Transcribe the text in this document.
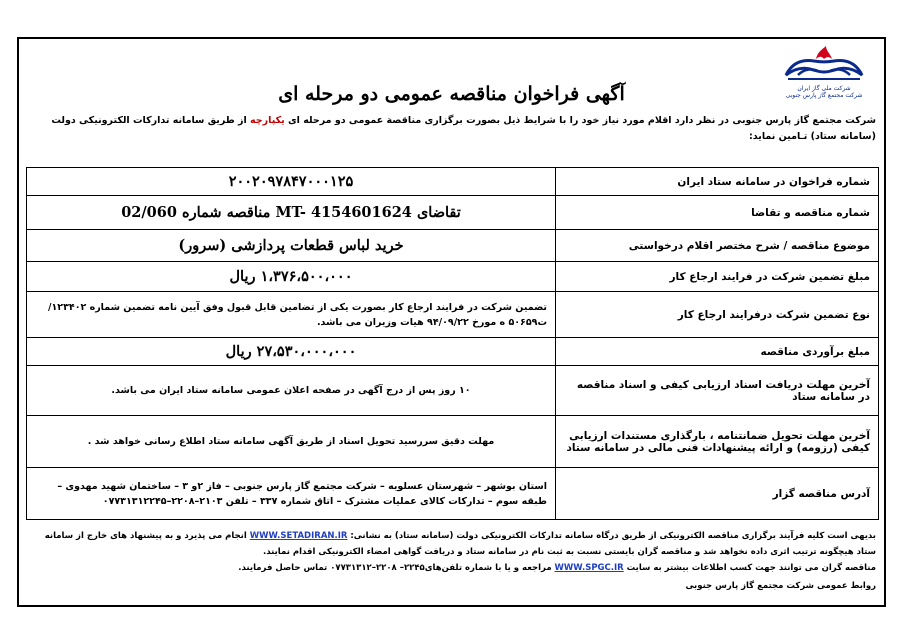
شرکت ملی گاز ایران
شرکت مجتمع گاز پارس جنوبی
آگهی فراخوان مناقصه عمومی دو مرحله ای
شرکت مجتمع گاز پارس جنوبی در نظر دارد اقلام مورد نیاز خود را با شرایط ذیل بصورت برگزاری مناقصة عمومی دو مرحله ای یکپارچه از طریق سامانه تدارکات الکترونیکی دولت (سامانه ستاد) تـامین نماید:
شماره فراخوان در سامانه ستاد ایران	۲۰۰۲۰۹۷۸۴۷۰۰۰۱۲۵
شماره مناقصه و تقاضا	تقاضای MT- 4154601624 مناقصه شماره 02/060
موضوع مناقصه / شرح مختصر اقلام درخواستی	خرید لباس قطعات پردازشی (سرور)
مبلغ تضمین شرکت در فرایند ارجاع کار	۱،۳۷۶،۵۰۰،۰۰۰ ریال
نوع تضمین شرکت درفرایند ارجاع کار	تضمین شرکت در فرایند ارجاع کار بصورت یکی از تضامین قابل قبول وفق آیین نامه تضمین شماره ۱۲۳۴۰۲/ت۵۰۶۵۹ ه مورخ ۹۴/۰۹/۲۲ هیات وزیران می باشد.
مبلغ برآوردی مناقصه	۲۷،۵۳۰،۰۰۰،۰۰۰ ریال
آخرین مهلت دریافت اسناد ارزیابی کیفی و اسناد مناقصه در سامانه ستاد	۱۰ روز پس از درج آگهی در صفحه اعلان عمومی سامانه ستاد ایران می باشد.
آخرین مهلت تحویل ضمانتنامه ، بارگذاری مستندات ارزیابی کیفی (رزومه) و ارائه پیشنهادات فنی مالی در سامانه ستاد	مهلت دقیق سررسید تحویل اسناد از طریق آگهی سامانه ستاد اطلاع رسانی خواهد شد .
آدرس مناقصه گزار	استان بوشهر – شهرستان عسلویه – شرکت مجتمع گاز پارس جنوبی – فاز ۲و ۳ – ساختمان شهید مهدوی –طبقه سوم – تدارکات کالای عملیات مشترک – اتاق شماره ۳۳۷ – تلفن ۲۱۰۳–۲۲۰۸–۰۷۷۳۱۳۱۲۲۴۵
بدیهی است کلیه فرآیند برگزاری مناقصه الکترونیکی از طریق درگاه سامانه تدارکات الکترونیکی دولت (سامانه ستاد) به نشانی: WWW.SETADIRAN.IR انجام می پذیرد و به پیشنهاد های خارج از سامانه ستاد هیچگونه ترتیب اثری داده نخواهد شد و مناقصه گران بایستی نسبت به ثبت نام در سامانه ستاد و دریافت گواهی امضاء الکترونیکی اقدام نمایند.
مناقصه گران می توانند جهت کسب اطلاعات بیشتر به سایت WWW.SPGC.IR مراجعه و یا با شماره تلفن‌های۲۲۴۵– ۲۲۰۸–۰۷۷۳۱۳۱۲ تماس حاصل فرمایند.
روابط عمومی شرکت مجتمع گاز پارس جنوبی
